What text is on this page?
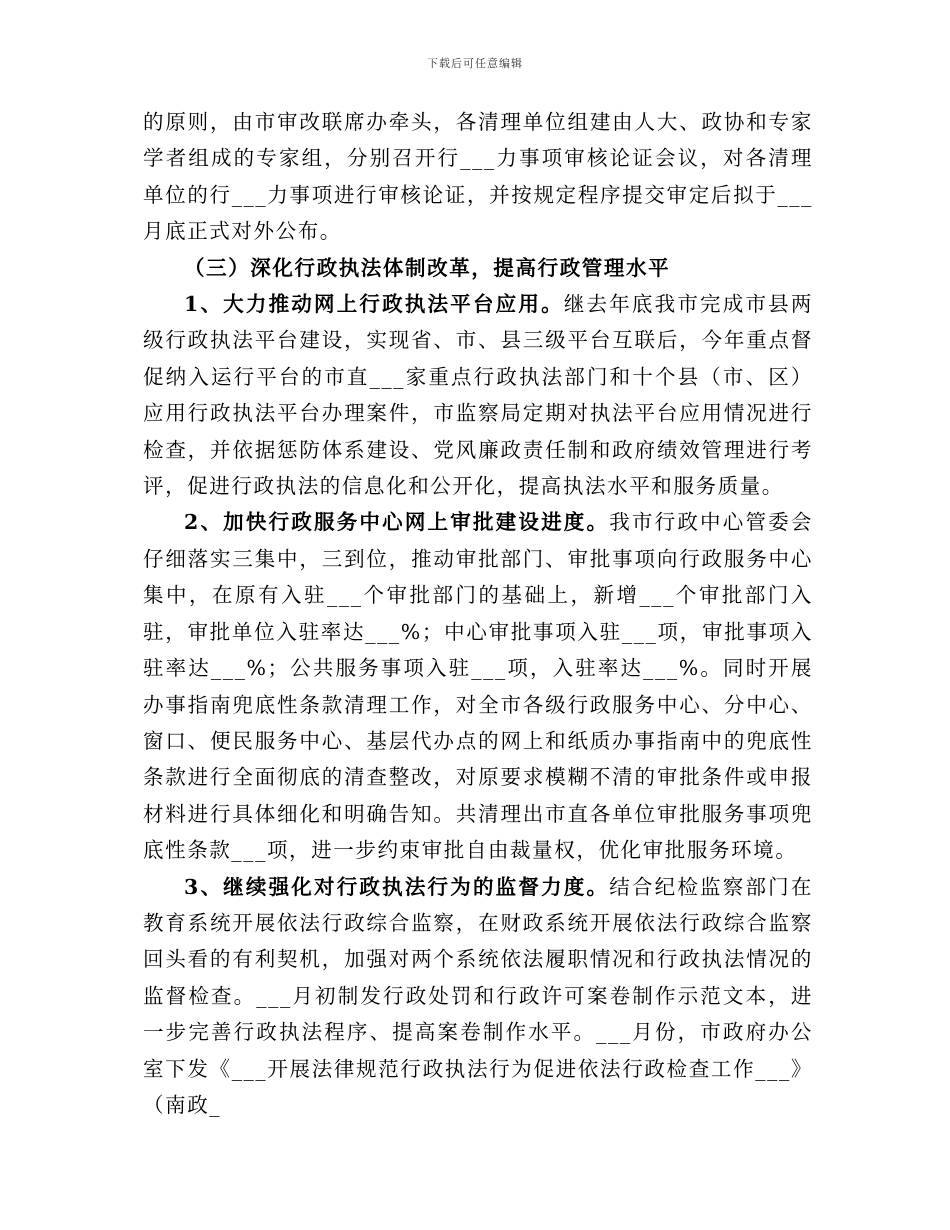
下载后可任意编辑

的原则，由市审改联席办牵头，各清理单位组建由人大、政协和专家学者组成的专家组，分别召开行___力事项审核论证会议，对各清理单位的行___力事项进行审核论证，并按规定程序提交审定后拟于___月底正式对外公布。

（三）深化行政执法体制改革，提高行政管理水平

1、大力推动网上行政执法平台应用。继去年底我市完成市县两级行政执法平台建设，实现省、市、县三级平台互联后，今年重点督促纳入运行平台的市直___家重点行政执法部门和十个县（市、区）应用行政执法平台办理案件，市监察局定期对执法平台应用情况进行检查，并依据惩防体系建设、党风廉政责任制和政府绩效管理进行考评，促进行政执法的信息化和公开化，提高执法水平和服务质量。

2、加快行政服务中心网上审批建设进度。我市行政中心管委会仔细落实三集中，三到位，推动审批部门、审批事项向行政服务中心集中，在原有入驻___个审批部门的基础上，新增___个审批部门入驻，审批单位入驻率达___%；中心审批事项入驻___项，审批事项入驻率达___%；公共服务事项入驻___项，入驻率达___%。同时开展办事指南兜底性条款清理工作，对全市各级行政服务中心、分中心、窗口、便民服务中心、基层代办点的网上和纸质办事指南中的兜底性条款进行全面彻底的清查整改，对原要求模糊不清的审批条件或申报材料进行具体细化和明确告知。共清理出市直各单位审批服务事项兜底性条款___项，进一步约束审批自由裁量权，优化审批服务环境。

3、继续强化对行政执法行为的监督力度。结合纪检监察部门在教育系统开展依法行政综合监察，在财政系统开展依法行政综合监察回头看的有利契机，加强对两个系统依法履职情况和行政执法情况的监督检查。___月初制发行政处罚和行政许可案卷制作示范文本，进一步完善行政执法程序、提高案卷制作水平。___月份，市政府办公室下发《___开展法律规范行政执法行为促进依法行政检查工作___》（南政_
